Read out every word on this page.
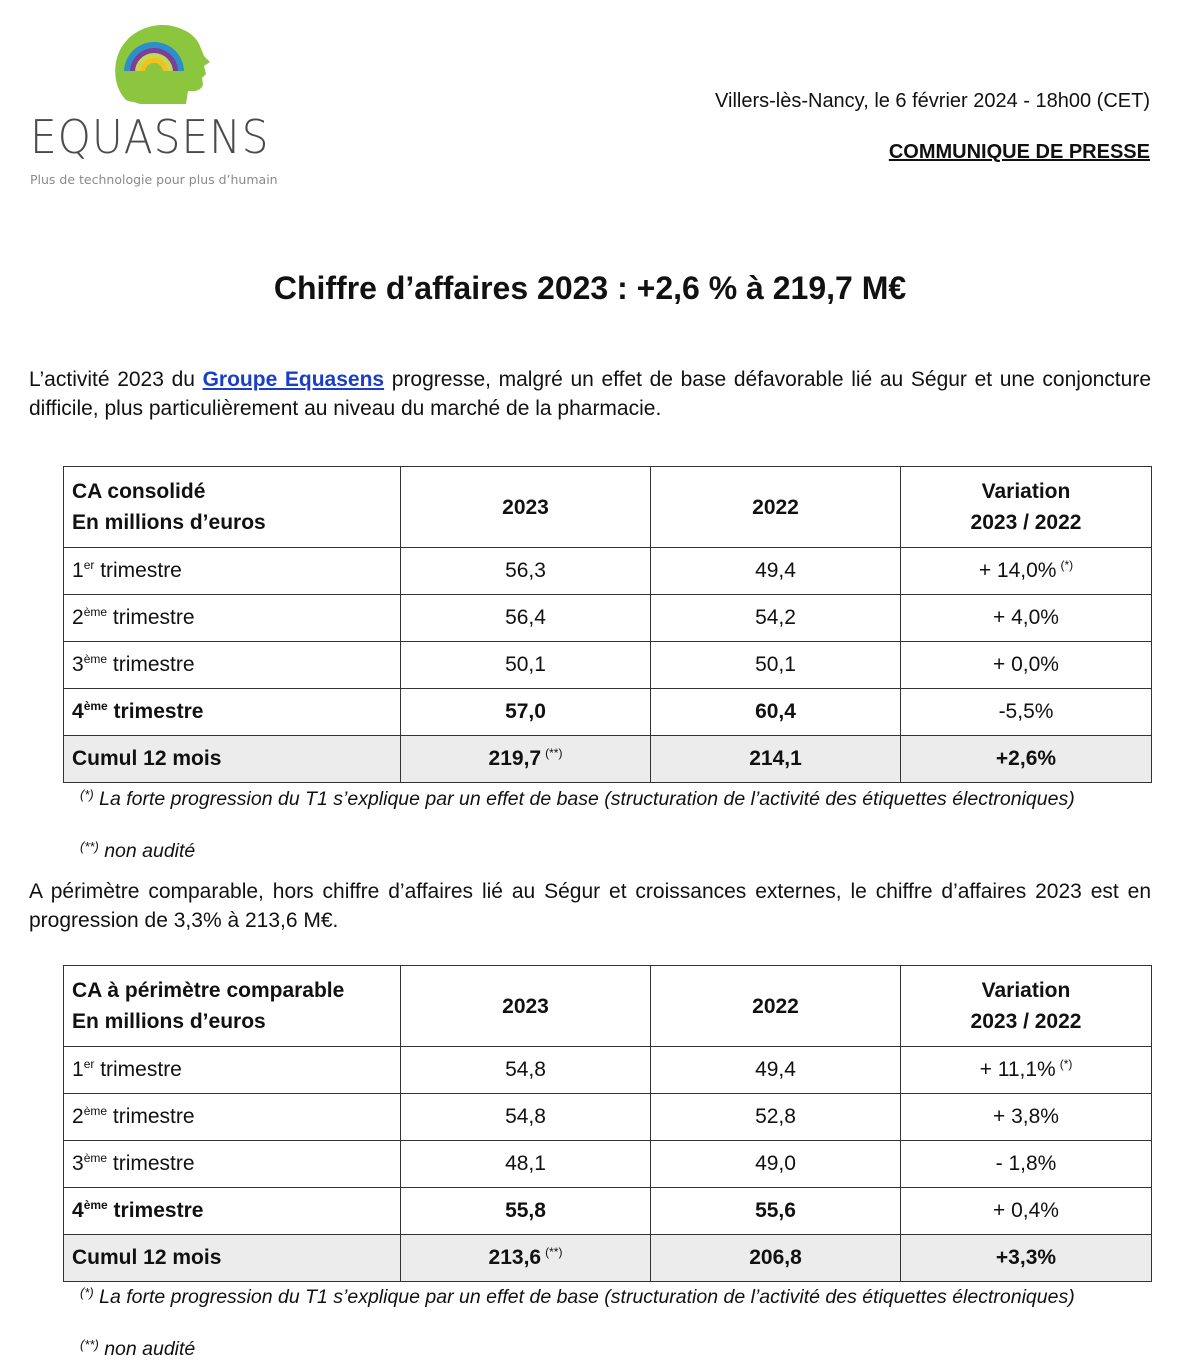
EQUASENS
Plus de technologie pour plus d’humain
Villers-lès-Nancy, le 6 février 2024 - 18h00 (CET)
COMMUNIQUE DE PRESSE
Chiffre d’affaires 2023 : +2,6 % à 219,7 M€

L’activité 2023 du Groupe Equasens progresse, malgré un effet de base défavorable lié au Ségur et une conjoncture difficile, plus particulièrement au niveau du marché de la pharmacie.

CA consolidé
En millions d’euros	2023	2022	Variation
2023 / 2022
1er trimestre	56,3	49,4	+ 14,0% (*)
2ème trimestre	56,4	54,2	+ 4,0%
3ème trimestre	50,1	50,1	+ 0,0%
4ème trimestre	57,0	60,4	-5,5%
Cumul 12 mois	219,7 (**)	214,1	+2,6%

(*) La forte progression du T1 s’explique par un effet de base (structuration de l’activité des étiquettes électroniques)

(**) non audité

A périmètre comparable, hors chiffre d’affaires lié au Ségur et croissances externes, le chiffre d’affaires 2023 est en progression de 3,3% à 213,6 M€.

CA à périmètre comparable
En millions d’euros	2023	2022	Variation
2023 / 2022
1er trimestre	54,8	49,4	+ 11,1% (*)
2ème trimestre	54,8	52,8	+ 3,8%
3ème trimestre	48,1	49,0	- 1,8%
4ème trimestre	55,8	55,6	+ 0,4%
Cumul 12 mois	213,6 (**)	206,8	+3,3%

(*) La forte progression du T1 s’explique par un effet de base (structuration de l’activité des étiquettes électroniques)

(**) non audité
